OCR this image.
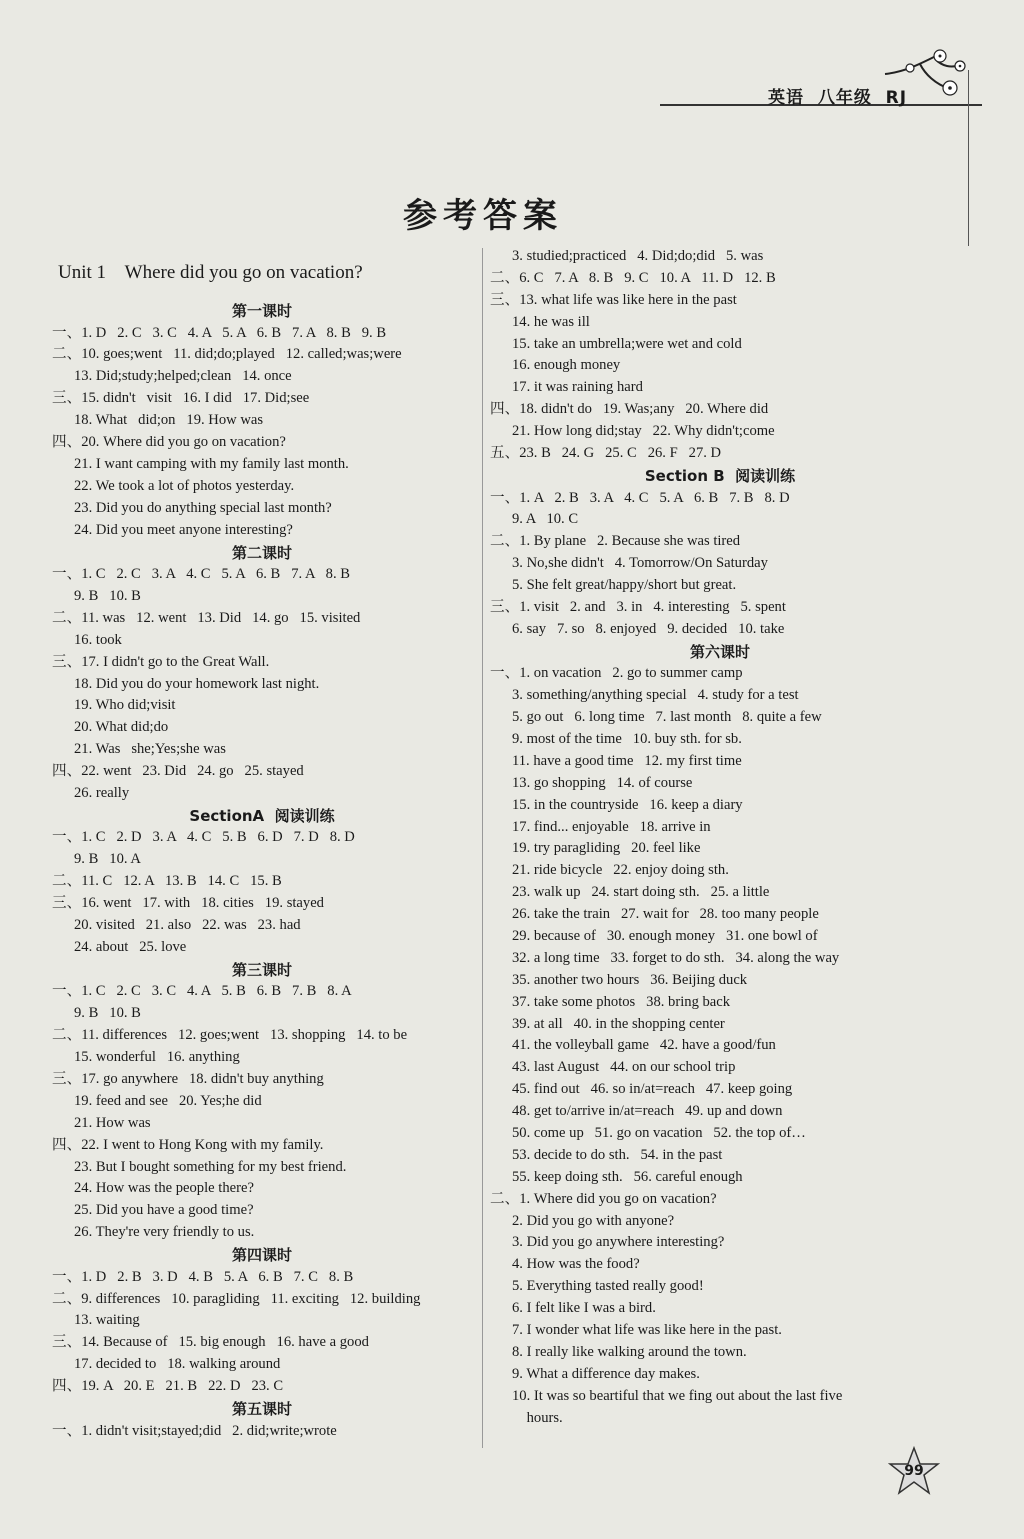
英语  八年级  RJ
参考答案
Unit 1    Where did you go on vacation?
第一课时
一、1. D   2. C   3. C   4. A   5. A   6. B   7. A   8. B   9. B
二、10. goes;went   11. did;do;played   12. called;was;were
13. Did;study;helped;clean   14. once
三、15. didn't   visit   16. I did   17. Did;see
18. What   did;on   19. How was
四、20. Where did you go on vacation?
21. I want camping with my family last month.
22. We took a lot of photos yesterday.
23. Did you do anything special last month?
24. Did you meet anyone interesting?
第二课时
一、1. C   2. C   3. A   4. C   5. A   6. B   7. A   8. B
9. B   10. B
二、11. was   12. went   13. Did   14. go   15. visited
16. took
三、17. I didn't go to the Great Wall.
18. Did you do your homework last night.
19. Who did;visit
20. What did;do
21. Was   she;Yes;she was
四、22. went   23. Did   24. go   25. stayed
26. really
SectionA  阅读训练
一、1. C   2. D   3. A   4. C   5. B   6. D   7. D   8. D
9. B   10. A
二、11. C   12. A   13. B   14. C   15. B
三、16. went   17. with   18. cities   19. stayed
20. visited   21. also   22. was   23. had
24. about   25. love
第三课时
一、1. C   2. C   3. C   4. A   5. B   6. B   7. B   8. A
9. B   10. B
二、11. differences   12. goes;went   13. shopping   14. to be
15. wonderful   16. anything
三、17. go anywhere   18. didn't buy anything
19. feed and see   20. Yes;he did
21. How was
四、22. I went to Hong Kong with my family.
23. But I bought something for my best friend.
24. How was the people there?
25. Did you have a good time?
26. They're very friendly to us.
第四课时
一、1. D   2. B   3. D   4. B   5. A   6. B   7. C   8. B
二、9. differences   10. paragliding   11. exciting   12. building
13. waiting
三、14. Because of   15. big enough   16. have a good
17. decided to   18. walking around
四、19. A   20. E   21. B   22. D   23. C
第五课时
一、1. didn't visit;stayed;did   2. did;write;wrote
3. studied;practiced   4. Did;do;did   5. was
二、6. C   7. A   8. B   9. C   10. A   11. D   12. B
三、13. what life was like here in the past
14. he was ill
15. take an umbrella;were wet and cold
16. enough money
17. it was raining hard
四、18. didn't do   19. Was;any   20. Where did
21. How long did;stay   22. Why didn't;come
五、23. B   24. G   25. C   26. F   27. D
Section B  阅读训练
一、1. A   2. B   3. A   4. C   5. A   6. B   7. B   8. D
9. A   10. C
二、1. By plane   2. Because she was tired
3. No,she didn't   4. Tomorrow/On Saturday
5. She felt great/happy/short but great.
三、1. visit   2. and   3. in   4. interesting   5. spent
6. say   7. so   8. enjoyed   9. decided   10. take
第六课时
一、1. on vacation   2. go to summer camp
3. something/anything special   4. study for a test
5. go out   6. long time   7. last month   8. quite a few
9. most of the time   10. buy sth. for sb.
11. have a good time   12. my first time
13. go shopping   14. of course
15. in the countryside   16. keep a diary
17. find... enjoyable   18. arrive in
19. try paragliding   20. feel like
21. ride bicycle   22. enjoy doing sth.
23. walk up   24. start doing sth.   25. a little
26. take the train   27. wait for   28. too many people
29. because of   30. enough money   31. one bowl of
32. a long time   33. forget to do sth.   34. along the way
35. another two hours   36. Beijing duck
37. take some photos   38. bring back
39. at all   40. in the shopping center
41. the volleyball game   42. have a good/fun
43. last August   44. on our school trip
45. find out   46. so in/at=reach   47. keep going
48. get to/arrive in/at=reach   49. up and down
50. come up   51. go on vacation   52. the top of…
53. decide to do sth.   54. in the past
55. keep doing sth.   56. careful enough
二、1. Where did you go on vacation?
2. Did you go with anyone?
3. Did you go anywhere interesting?
4. How was the food?
5. Everything tasted really good!
6. I felt like I was a bird.
7. I wonder what life was like here in the past.
8. I really like walking around the town.
9. What a difference day makes.
10. It was so beartiful that we fing out about the last five
hours.
99
